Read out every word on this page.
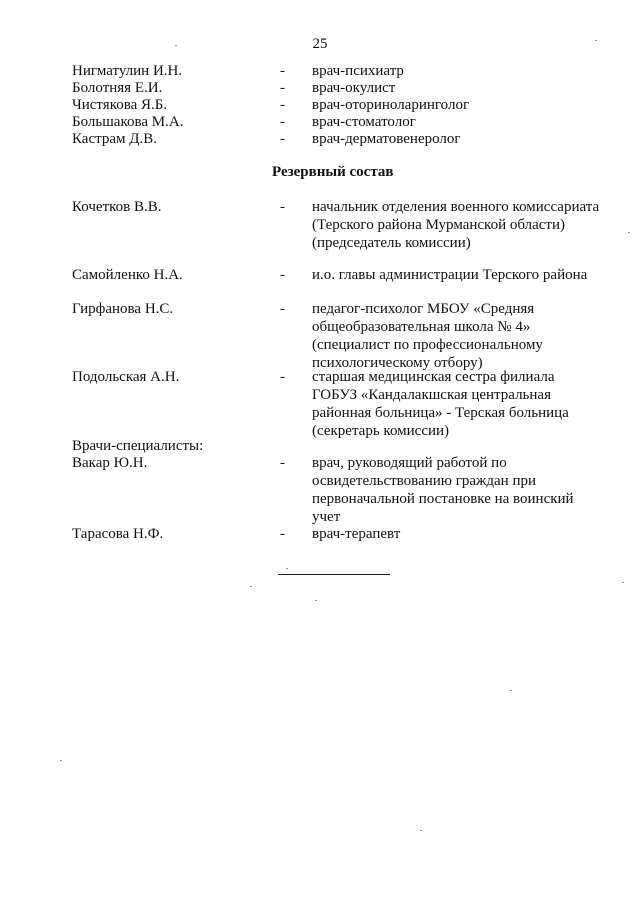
25
Нигматулин И.Н.	- врач-психиатр
Болотняя Е.И.	- врач-окулист
Чистякова Я.Б.	- врач-оториноларинголог
Большакова М.А.	- врач-стоматолог
Кастрам Д.В.	- врач-дерматовенеролог
Резервный состав
Кочетков В.В.	- начальник отделения военного комиссариата (Терского района Мурманской области) (председатель комиссии)
Самойленко Н.А.	- и.о. главы администрации Терского района
Гирфанова Н.С.	- педагог-психолог МБОУ «Средняя общеобразовательная школа № 4» (специалист по профессиональному психологическому отбору)
Подольская А.Н.	- старшая медицинская сестра филиала ГОБУЗ «Кандалакшская центральная районная больница» - Терская больница (секретарь комиссии)
Врачи-специалисты:
Вакар Ю.Н.	- врач, руководящий работой по освидетельствованию граждан при первоначальной постановке на воинский учет
Тарасова Н.Ф.	- врач-терапевт
